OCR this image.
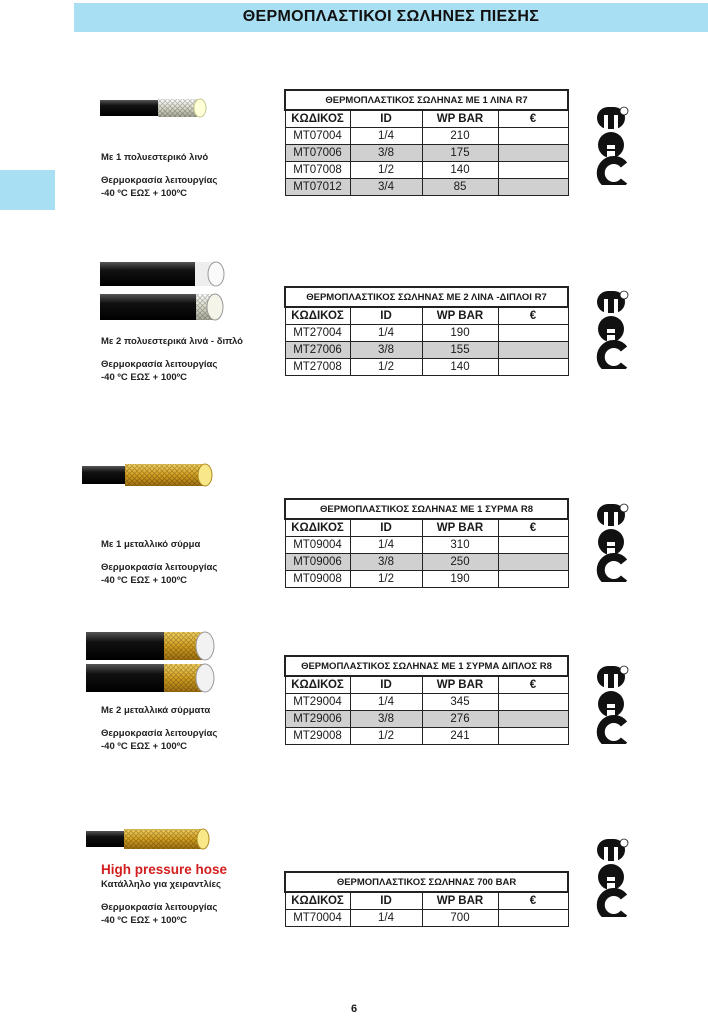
ΘΕΡΜΟΠΛΑΣΤΙΚΟΙ ΣΩΛΗΝΕΣ ΠΙΕΣΗΣ
Με 1 πολυεστερικό λινό
Θερμοκρασία λειτουργίας
-40 ºC ΕΩΣ + 100ºC
Με 2 πολυεστερικά λινά - διπλό
Θερμοκρασία λειτουργίας
-40 ºC ΕΩΣ + 100ºC
Με 1 μεταλλικό σύρμα
Θερμοκρασία λειτουργίας
-40 ºC ΕΩΣ + 100ºC
Με 2 μεταλλικά σύρματα
Θερμοκρασία λειτουργίας
-40 ºC ΕΩΣ + 100ºC
High pressure hose
Κατάλληλο για χειραντλίες
Θερμοκρασία λειτουργίας
-40 ºC ΕΩΣ + 100ºC
ΘΕΡΜΟΠΛΑΣΤΙΚΟΣ ΣΩΛΗΝΑΣ ΜΕ 1 ΛΙΝΑ R7			
ΚΩΔΙΚΟΣ	ID	WP BAR	€
MT07004	1/4	210	
MT07006	3/8	175	
MT07008	1/2	140	
MT07012	3/4	85	
ΘΕΡΜΟΠΛΑΣΤΙΚΟΣ ΣΩΛΗΝΑΣ ΜΕ 2 ΛΙΝΑ -ΔΙΠΛΟΙ R7			
ΚΩΔΙΚΟΣ	ID	WP BAR	€
MT27004	1/4	190	
MT27006	3/8	155	
MT27008	1/2	140	
ΘΕΡΜΟΠΛΑΣΤΙΚΟΣ ΣΩΛΗΝΑΣ ΜΕ 1 ΣΥΡΜΑ R8			
ΚΩΔΙΚΟΣ	ID	WP BAR	€
MT09004	1/4	310	
MT09006	3/8	250	
MT09008	1/2	190	
ΘΕΡΜΟΠΛΑΣΤΙΚΟΣ ΣΩΛΗΝΑΣ ΜΕ 1 ΣΥΡΜΑ ΔΙΠΛΟΣ R8			
ΚΩΔΙΚΟΣ	ID	WP BAR	€
MT29004	1/4	345	
MT29006	3/8	276	
MT29008	1/2	241	
ΘΕΡΜΟΠΛΑΣΤΙΚΟΣ ΣΩΛΗΝΑΣ 700 BAR			
ΚΩΔΙΚΟΣ	ID	WP BAR	€
MT70004	1/4	700	
6
